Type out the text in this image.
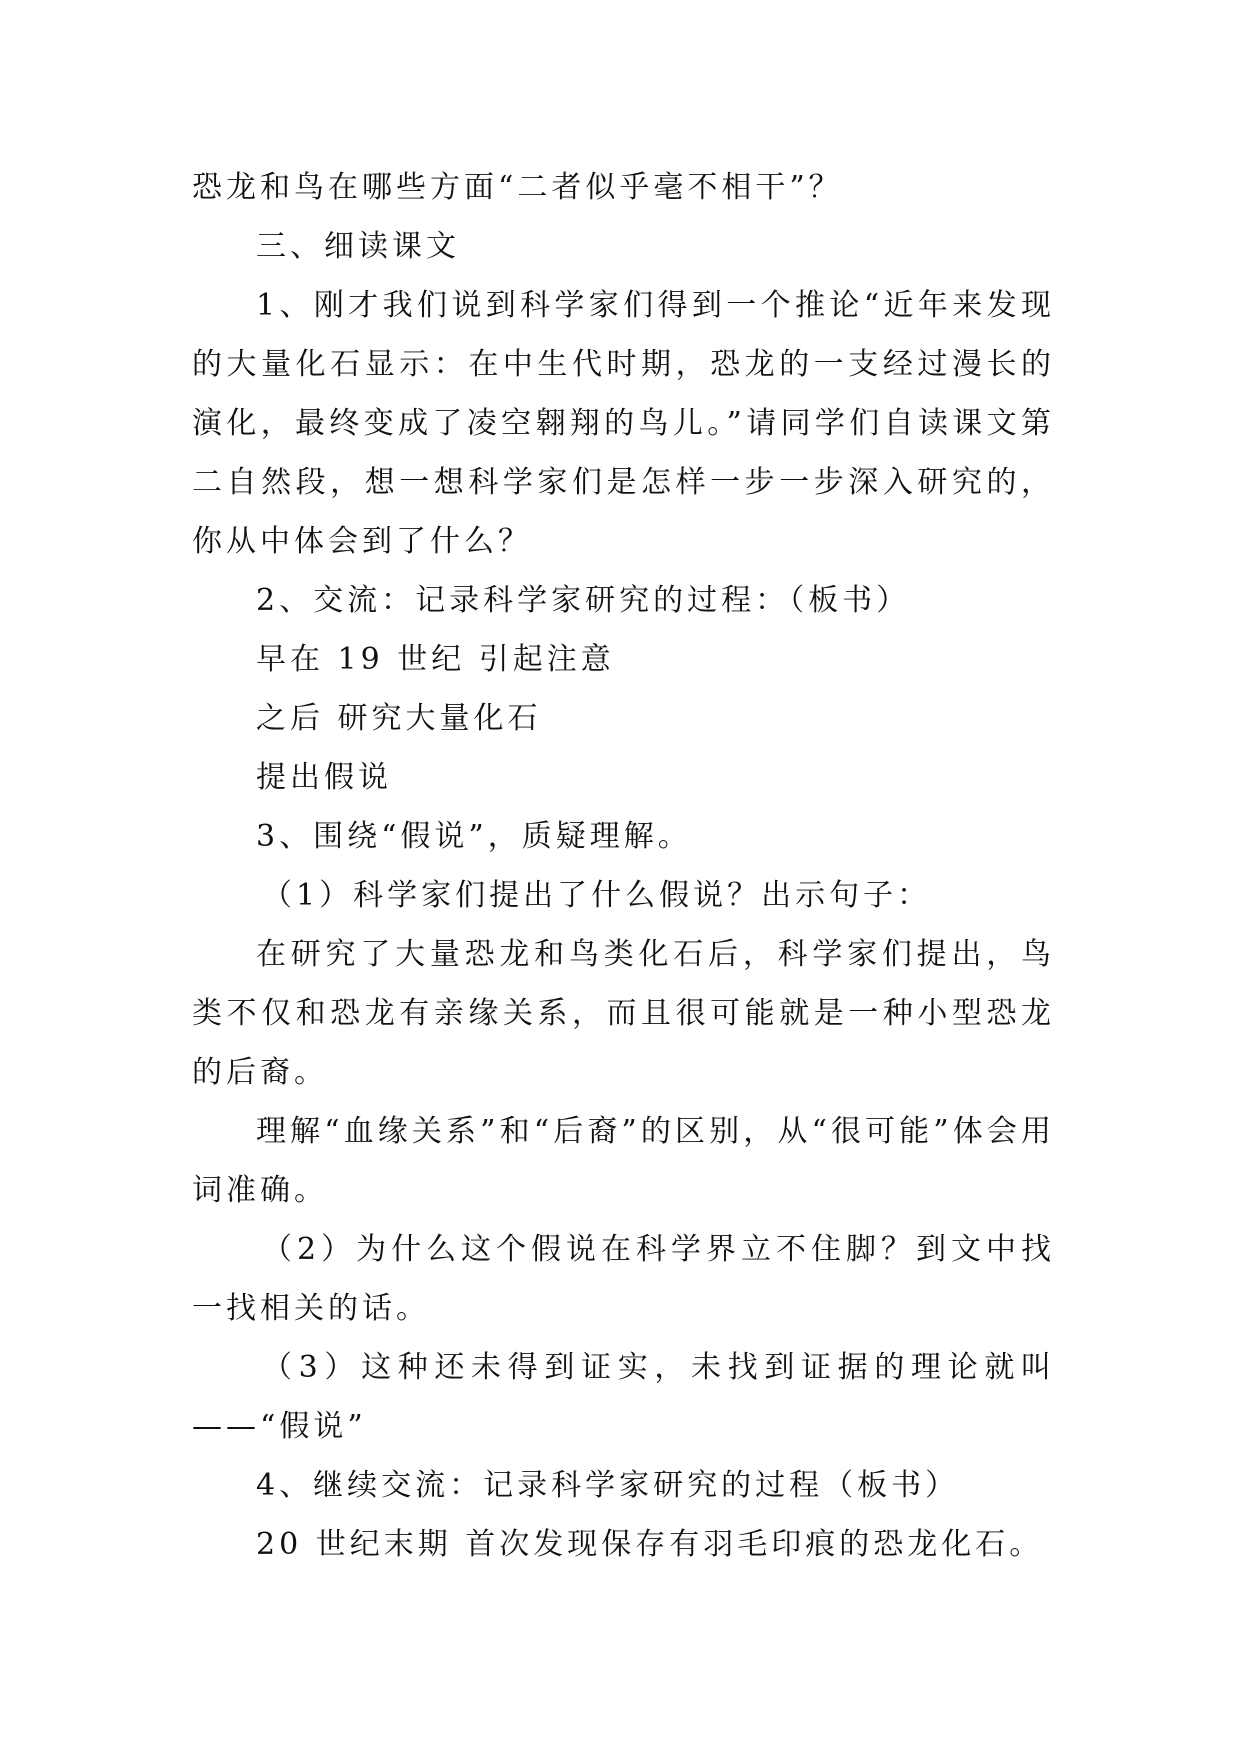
恐龙和鸟在哪些方面“二者似乎毫不相干”？

三、细读课文

1、刚才我们说到科学家们得到一个推论“近年来发现的大量化石显示：在中生代时期，恐龙的一支经过漫长的演化，最终变成了凌空翱翔的鸟儿。”请同学们自读课文第二自然段，想一想科学家们是怎样一步一步深入研究的，你从中体会到了什么？

2、交流：记录科学家研究的过程：（板书）

早在 19 世纪 引起注意

之后 研究大量化石

提出假说

3、围绕“假说”，质疑理解。

（1）科学家们提出了什么假说？出示句子：

在研究了大量恐龙和鸟类化石后，科学家们提出，鸟类不仅和恐龙有亲缘关系，而且很可能就是一种小型恐龙的后裔。

理解“血缘关系”和“后裔”的区别，从“很可能”体会用词准确。

（2）为什么这个假说在科学界立不住脚？到文中找一找相关的话。

（3）这种还未得到证实，未找到证据的理论就叫——“假说”

4、继续交流：记录科学家研究的过程（板书）

20 世纪末期 首次发现保存有羽毛印痕的恐龙化石。
